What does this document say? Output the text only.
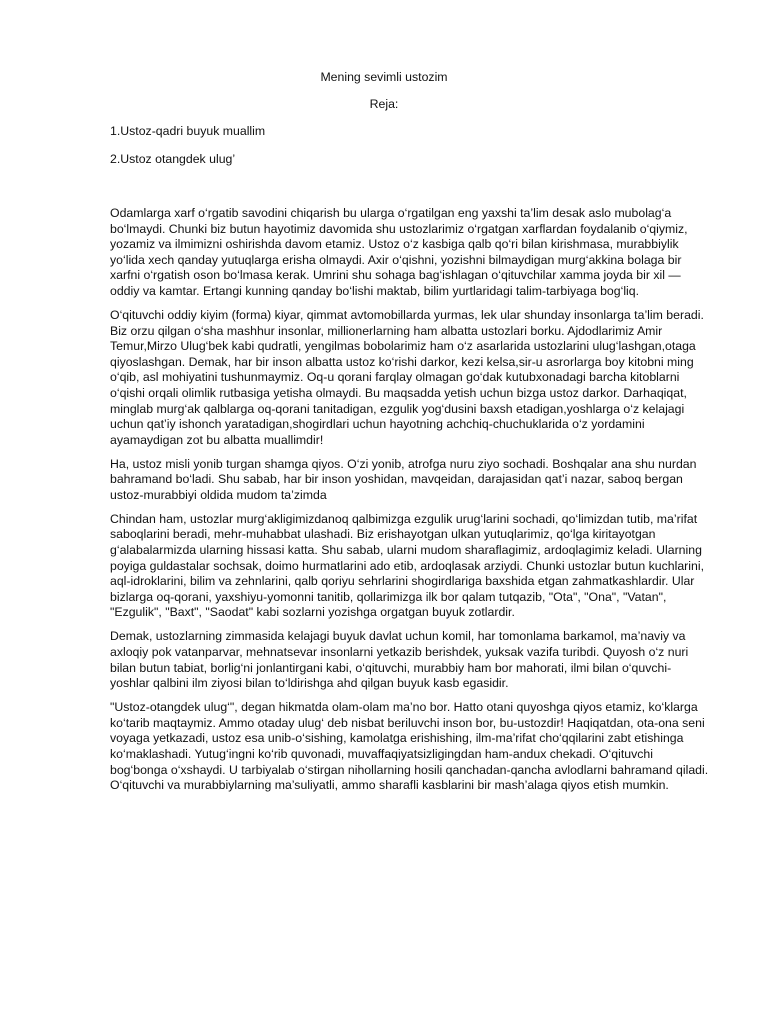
Mening sevimli ustozim
Reja:
1.Ustoz-qadri buyuk muallim
2.Ustoz otangdek ulug’

Odamlarga xarf o‘rgatib savodini chiqarish bu ularga o‘rgatilgan eng yaxshi ta’lim desak aslo mubolag‘a bo‘lmaydi. Chunki biz butun hayotimiz davomida shu ustozlarimiz o‘rgatgan xarflardan foydalanib o‘qiymiz, yozamiz va ilmimizni oshirishda davom etamiz. Ustoz o‘z kasbiga qalb qo‘ri bilan kirishmasa, murabbiylik yo‘lida xech qanday yutuqlarga erisha olmaydi. Axir o‘qishni, yozishni bilmaydigan murg‘akkina bolaga bir xarfni o‘rgatish oson bo‘lmasa kerak. Umrini shu sohaga bag‘ishlagan o‘qituvchilar xamma joyda bir xil — oddiy va kamtar. Ertangi kunning qanday bo‘lishi maktab, bilim yurtlaridagi talim-tarbiyaga bog‘liq.

O‘qituvchi oddiy kiyim (forma) kiyar, qimmat avtomobillarda yurmas, lek ular shunday insonlarga ta’lim beradi. Biz orzu qilgan o‘sha mashhur insonlar, millionerlarning ham albatta ustozlari borku. Ajdodlarimiz Amir Temur,Mirzo Ulug‘bek kabi qudratli, yengilmas bobolarimiz ham o‘z asarlarida ustozlarini ulug‘lashgan,otaga qiyoslashgan. Demak, har bir inson albatta ustoz ko‘rishi darkor, kezi kelsa,sir-u asrorlarga boy kitobni ming o‘qib, asl mohiyatini tushunmaymiz. Oq-u qorani farqlay olmagan go‘dak kutubxonadagi barcha kitoblarni o‘qishi orqali olimlik rutbasiga yetisha olmaydi. Bu maqsadda yetish uchun bizga ustoz darkor. Darhaqiqat, minglab murg‘ak qalblarga oq-qorani tanitadigan, ezgulik yog‘dusini baxsh etadigan,yoshlarga o‘z kelajagi uchun qat’iy ishonch yaratadigan,shogirdlari uchun hayotning achchiq-chuchuklarida o‘z yordamini ayamaydigan zot bu albatta muallimdir!

Ha, ustoz misli yonib turgan shamga qiyos. O‘zi yonib, atrofga nuru ziyo sochadi. Boshqalar ana shu nurdan bahramand bo‘ladi. Shu sabab, har bir inson yoshidan, mavqeidan, darajasidan qat’i nazar, saboq bergan ustoz-murabbiyi oldida mudom ta’zimda

Chindan ham, ustozlar murg‘akligimizdanoq qalbimizga ezgulik urug‘larini sochadi, qo‘limizdan tutib, ma’rifat saboqlarini beradi, mehr-muhabbat ulashadi. Biz erishayotgan ulkan yutuqlarimiz, qo‘lga kiritayotgan g‘alabalarmizda ularning hissasi katta. Shu sabab, ularni mudom sharaflagimiz, ardoqlagimiz keladi. Ularning poyiga guldastalar sochsak, doimo hurmatlarini ado etib, ardoqlasak arziydi. Chunki ustozlar butun kuchlarini, aql-idroklarini, bilim va zehnlarini, qalb qoriyu sehrlarini shogirdlariga baxshida etgan zahmatkashlardir. Ular bizlarga oq-qorani, yaxshiyu-yomonni tanitib, qollarimizga ilk bor qalam tutqazib, "Ota", "Ona", "Vatan", "Ezgulik", "Baxt", "Saodat" kabi sozlarni yozishga orgatgan buyuk zotlardir.

Demak, ustozlarning zimmasida kelajagi buyuk davlat uchun komil, har tomonlama barkamol, ma’naviy va axloqiy pok vatanparvar, mehnatsevar insonlarni yetkazib berishdek, yuksak vazifa turibdi. Quyosh o‘z nuri bilan butun tabiat, borlig‘ni jonlantirgani kabi, o‘qituvchi, murabbiy ham bor mahorati, ilmi bilan o‘quvchi-yoshlar qalbini ilm ziyosi bilan to‘ldirishga ahd qilgan buyuk kasb egasidir.

"Ustoz-otangdek ulug‘", degan hikmatda olam-olam ma’no bor. Hatto otani quyoshga qiyos etamiz, ko‘klarga ko‘tarib maqtaymiz. Ammo otaday ulug‘ deb nisbat beriluvchi inson bor, bu-ustozdir! Haqiqatdan, ota-ona seni voyaga yetkazadi, ustoz esa unib-o‘sishing, kamolatga erishishing, ilm-ma’rifat cho‘qqilarini zabt etishinga ko‘maklashadi. Yutug‘ingni ko‘rib quvonadi, muvaffaqiyatsizligingdan ham-andux chekadi. O‘qituvchi bog‘bonga o‘xshaydi. U tarbiyalab o‘stirgan nihollarning hosili qanchadan-qancha avlodlarni bahramand qiladi. O‘qituvchi va murabbiylarning ma’suliyatli, ammo sharafli kasblarini bir mash’alaga qiyos etish mumkin.
